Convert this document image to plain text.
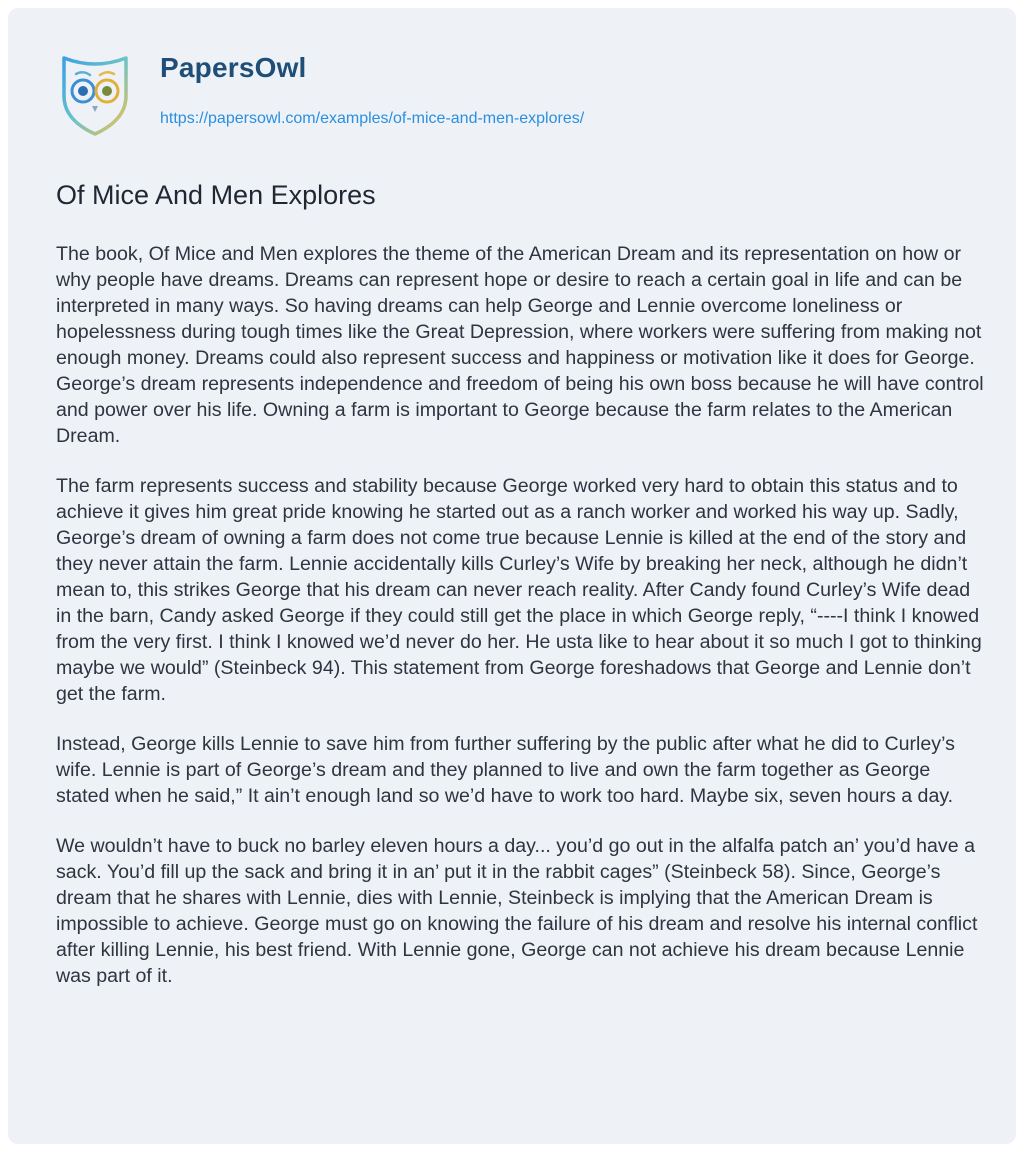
PapersOwl
https://papersowl.com/examples/of-mice-and-men-explores/
Of Mice And Men Explores

The book, Of Mice and Men explores the theme of the American Dream and its representation on how or why people have dreams. Dreams can represent hope or desire to reach a certain goal in life and can be interpreted in many ways. So having dreams can help George and Lennie overcome loneliness or hopelessness during tough times like the Great Depression, where workers were suffering from making not enough money. Dreams could also represent success and happiness or motivation like it does for George. George’s dream represents independence and freedom of being his own boss because he will have control and power over his life. Owning a farm is important to George because the farm relates to the American Dream.

The farm represents success and stability because George worked very hard to obtain this status and to achieve it gives him great pride knowing he started out as a ranch worker and worked his way up. Sadly, George’s dream of owning a farm does not come true because Lennie is killed at the end of the story and they never attain the farm. Lennie accidentally kills Curley’s Wife by breaking her neck, although he didn’t mean to, this strikes George that his dream can never reach reality. After Candy found Curley’s Wife dead in the barn, Candy asked George if they could still get the place in which George reply, “----I think I knowed from the very first. I think I knowed we’d never do her. He usta like to hear about it so much I got to thinking maybe we would” (Steinbeck 94). This statement from George foreshadows that George and Lennie don’t get the farm.

Instead, George kills Lennie to save him from further suffering by the public after what he did to Curley’s wife. Lennie is part of George’s dream and they planned to live and own the farm together as George stated when he said,” It ain’t enough land so we’d have to work too hard. Maybe six, seven hours a day.

We wouldn’t have to buck no barley eleven hours a day... you’d go out in the alfalfa patch an’ you’d have a sack. You’d fill up the sack and bring it in an’ put it in the rabbit cages” (Steinbeck 58). Since, George’s dream that he shares with Lennie, dies with Lennie, Steinbeck is implying that the American Dream is impossible to achieve. George must go on knowing the failure of his dream and resolve his internal conflict after killing Lennie, his best friend. With Lennie gone, George can not achieve his dream because Lennie was part of it.
